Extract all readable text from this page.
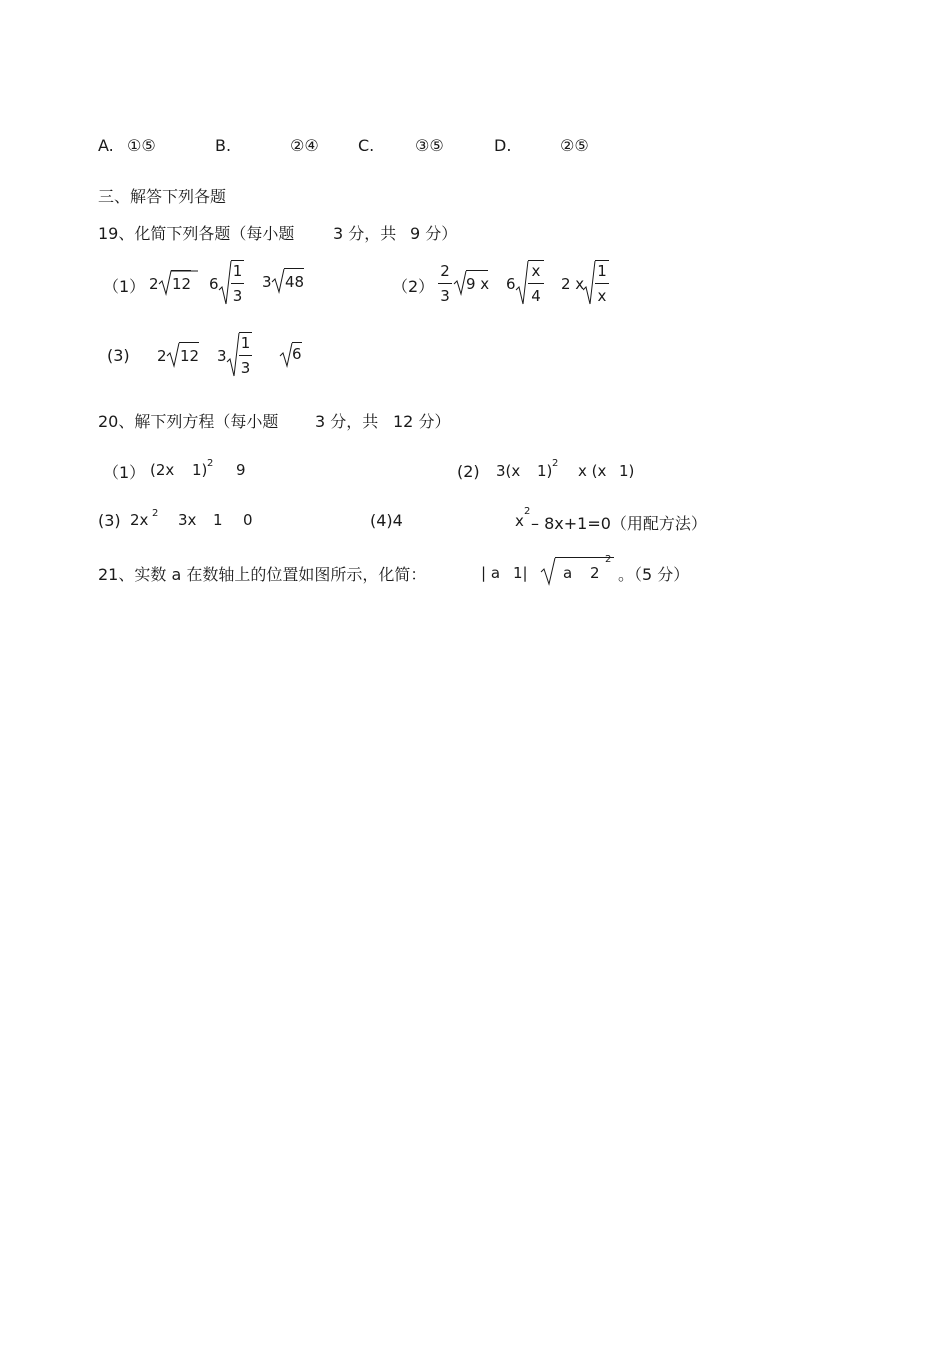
A. ①⑤	B.	②④ C.	③⑤	D.	②⑤
三、解答下列各题
19、化简下列各题（每小题 3 分，共 9 分）
（1） 2 12 6
1
3
3 48	（2）
2
3
9 x 6
x
4
2 x
1
x
(3) 2 12 3
1
3
6
20、解下列方程（每小题 3 分，共 12 分）
（1） (2x 1) 2 9	(2) 3(x 1) 2 x (x 1)
(3) 2x 2 3x 1 0	(4)4	x
2
– 8x+1=0（用配方法）
21、实数 a 在数轴上的位置如图所示，化简：	| a 1| a 2
2
。（5 分）
